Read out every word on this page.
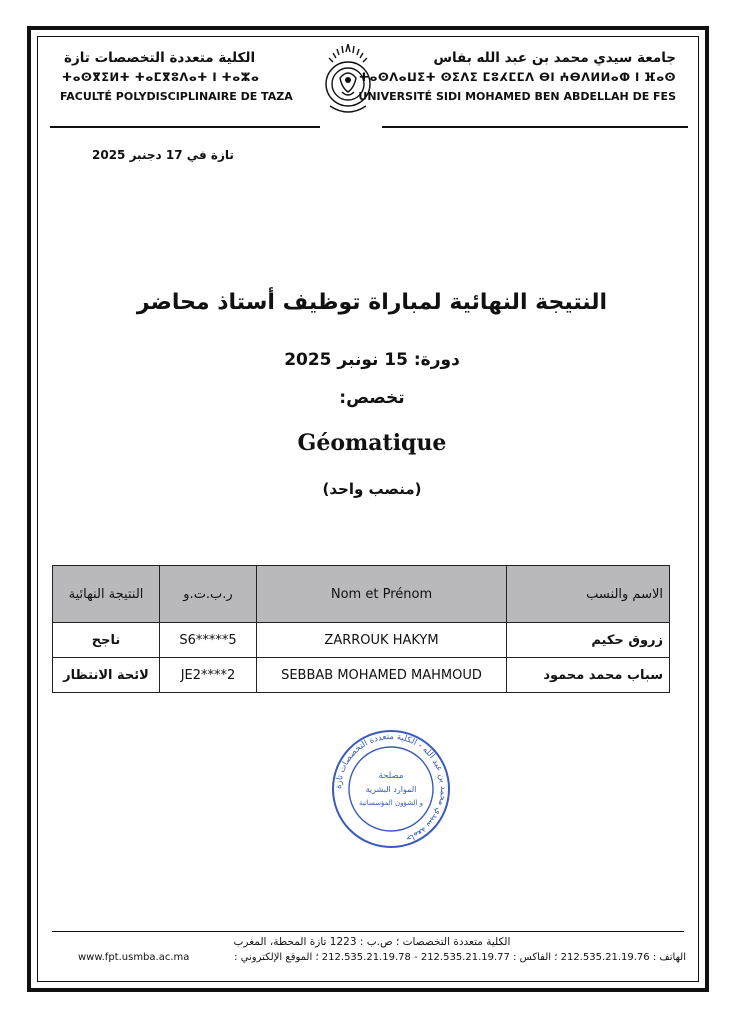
جامعة سيدي محمد بن عبد الله بفاس
ⵜⴰⵙⴷⴰⵡⵉⵜ ⵙⵉⴷⵉ ⵎⵓⵃⵎⵎⴷ ⴱⵏ ⵄⴱⴷⵍⵍⴰⵀ ⵏ ⴼⴰⵙ
UNIVERSITÉ SIDI MOHAMED BEN ABDELLAH DE FES
الكلية متعددة التخصصات تازة
ⵜⴰⵙⴳⵉⵍⵜ ⵜⴰⵎⴳⵓⴷⴰⵜ ⵏ ⵜⴰⵣⴰ
FACULTÉ POLYDISCIPLINAIRE DE TAZA
تازة في 17 دجنبر 2025
النتيجة النهائية لمباراة توظيف أستاذ محاضر
دورة: 15 نونبر 2025
تخصص:
Géomatique
(منصب واحد)
النتيجة النهائية	ر.ب.ت.و	Nom et Prénom	الاسم والنسب
ناجح	S6*****5	ZARROUK HAKYM	زروق حكيم
لائحة الانتظار	JE2****2	SEBBAB MOHAMED MAHMOUD	سباب محمد محمود
جامعة سيدي محمد بن عبد الله - الكلية متعددة التخصصات تازة
مصلحة
الموارد البشرية
و الشؤون المؤسساتية
الكلية متعددة التخصصات ؛ ص.ب : 1223 تازة المحطة، المغرب
www.fpt.usmba.ac.ma	الهاتف : 212.535.21.19.76 ؛ الفاكس : 212.535.21.19.77 - 212.535.21.19.78 ؛ الموقع الإلكتروني :
